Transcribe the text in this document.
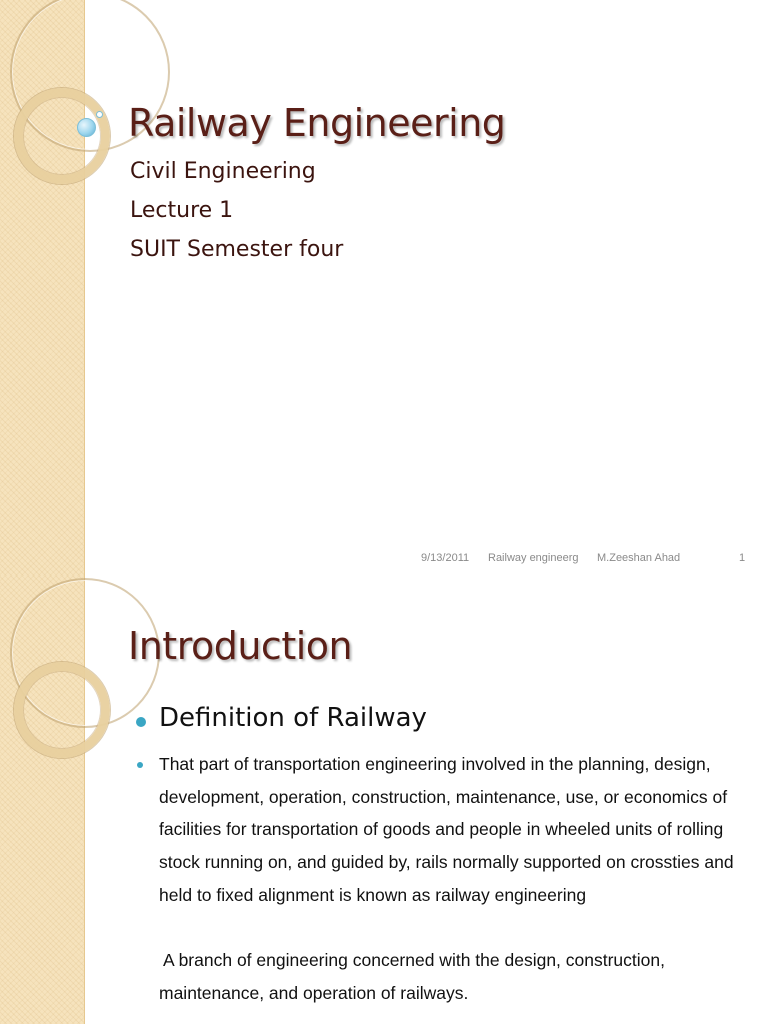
Railway Engineering

Civil Engineering

Lecture 1

SUIT Semester four

9/13/2011 Railway engineerg M.Zeeshan Ahad	1
Introduction

Definition of Railway

That part of transportation engineering involved in the planning, design, development, operation, construction, maintenance, use, or economics of facilities for transportation of goods and people in wheeled units of rolling stock running on, and guided by, rails normally supported on crossties and held to fixed alignment is known as railway engineering

A branch of engineering concerned with the design, construction, maintenance, and operation of railways.
